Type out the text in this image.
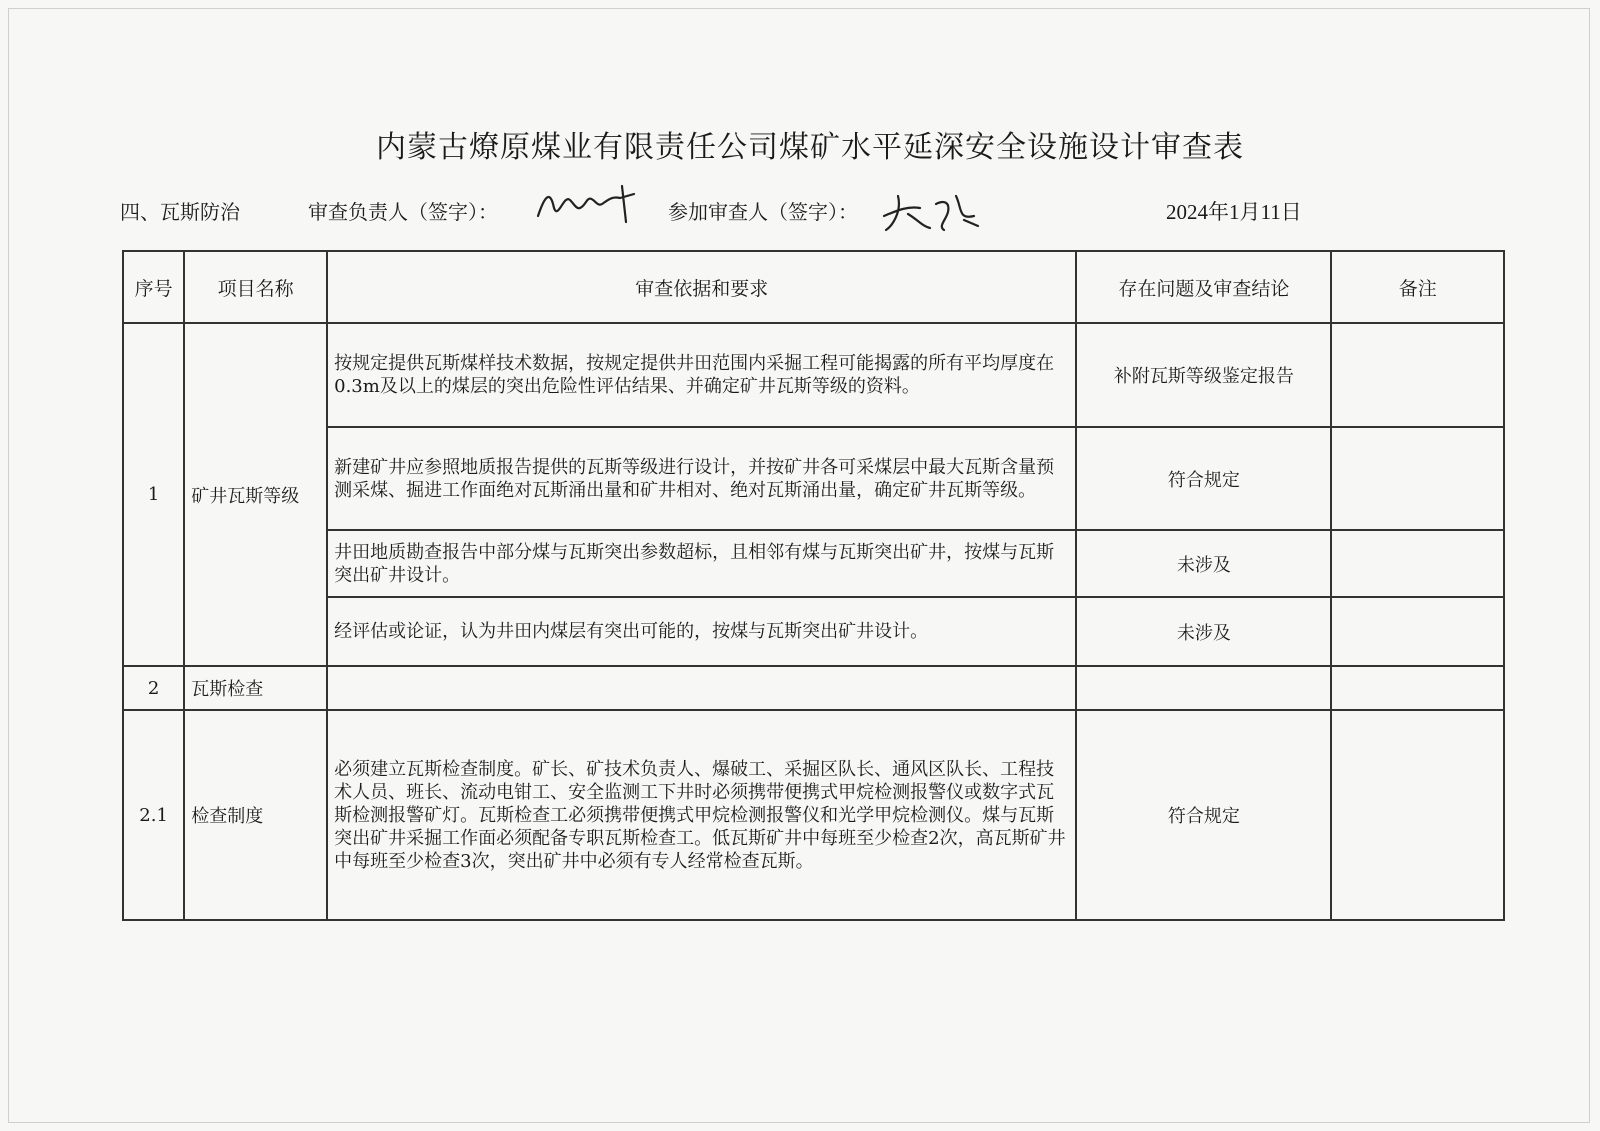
内蒙古燎原煤业有限责任公司煤矿水平延深安全设施设计审查表
四、瓦斯防治	审查负责人（签字）：	参加审查人（签字）：	2024年1月11日
序号	项目名称	审查依据和要求	存在问题及审查结论	备注
1	矿井瓦斯等级	按规定提供瓦斯煤样技术数据，按规定提供井田范围内采掘工程可能揭露的所有平均厚度在0.3m及以上的煤层的突出危险性评估结果、并确定矿井瓦斯等级的资料。	补附瓦斯等级鉴定报告	
		新建矿井应参照地质报告提供的瓦斯等级进行设计，并按矿井各可采煤层中最大瓦斯含量预测采煤、掘进工作面绝对瓦斯涌出量和矿井相对、绝对瓦斯涌出量，确定矿井瓦斯等级。	符合规定	
		井田地质勘查报告中部分煤与瓦斯突出参数超标，且相邻有煤与瓦斯突出矿井，按煤与瓦斯突出矿井设计。	未涉及	
		经评估或论证，认为井田内煤层有突出可能的，按煤与瓦斯突出矿井设计。	未涉及	
2	瓦斯检查			
2.1	检查制度	必须建立瓦斯检查制度。矿长、矿技术负责人、爆破工、采掘区队长、通风区队长、工程技术人员、班长、流动电钳工、安全监测工下井时必须携带便携式甲烷检测报警仪或数字式瓦斯检测报警矿灯。瓦斯检查工必须携带便携式甲烷检测报警仪和光学甲烷检测仪。煤与瓦斯突出矿井采掘工作面必须配备专职瓦斯检查工。低瓦斯矿井中每班至少检查2次，高瓦斯矿井中每班至少检查3次，突出矿井中必须有专人经常检查瓦斯。	符合规定	
